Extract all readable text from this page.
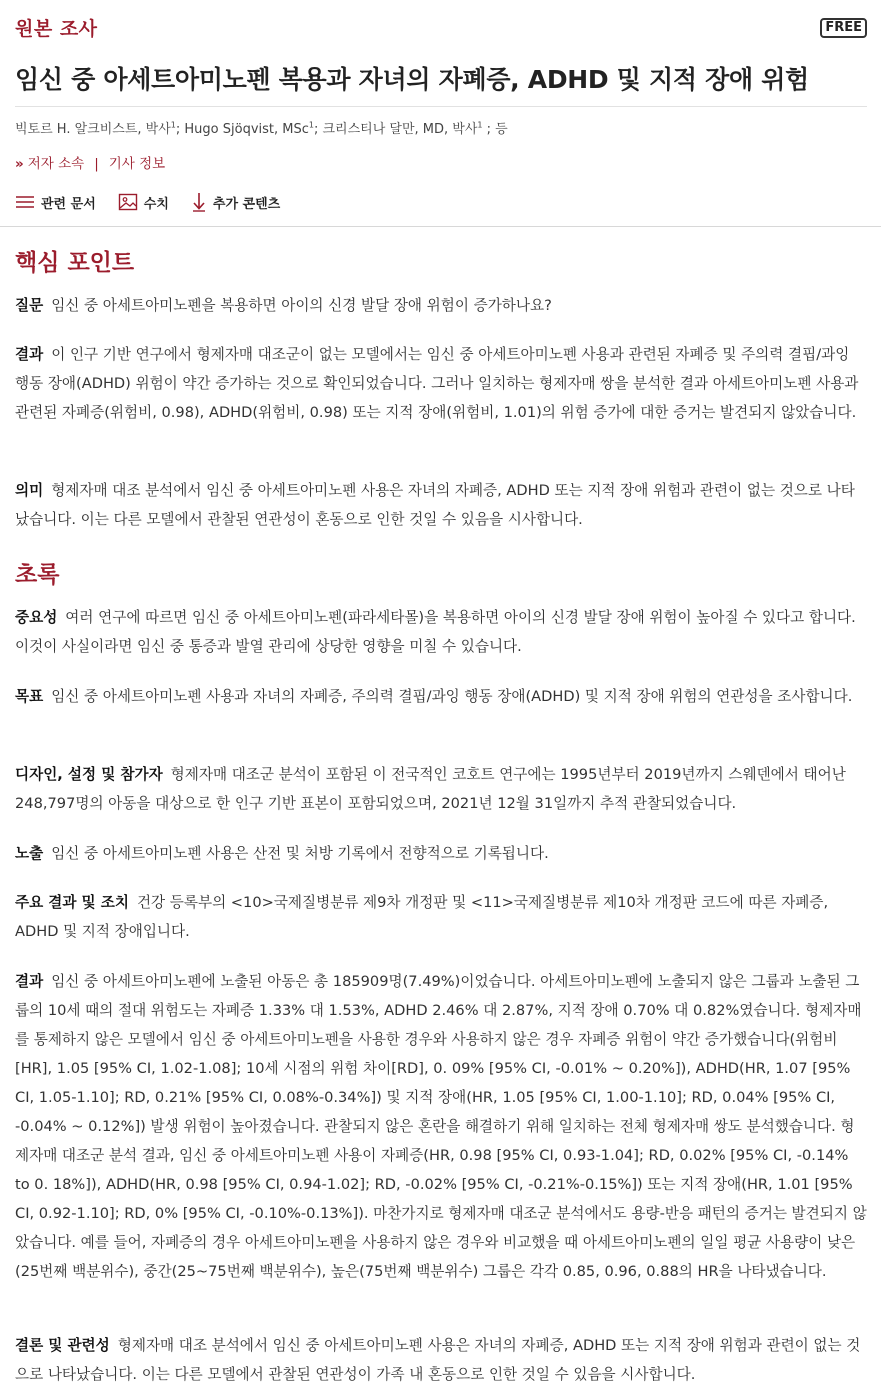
원본 조사	FREE
임신 중 아세트아미노펜 복용과 자녀의 자폐증, ADHD 및 지적 장애 위험
빅토르 H. 알크비스트, 박사$^1$; Hugo Sjöqvist, MSc$^1$; 크리스티나 달만, MD, 박사$^1$ ; 등
» 저자 소속 | 기사 정보
관련 문서	수치	추가 콘텐츠
핵심 포인트

질문 임신 중 아세트아미노펜을 복용하면 아이의 신경 발달 장애 위험이 증가하나요?

결과 이 인구 기반 연구에서 형제자매 대조군이 없는 모델에서는 임신 중 아세트아미노펜 사용과 관련된 자폐증 및 주의력 결핍/과잉 행동 장애(ADHD) 위험이 약간 증가하는 것으로 확인되었습니다. 그러나 일치하는 형제자매 쌍을 분석한 결과 아세트아미노펜 사용과 관련된 자폐증(위험비, 0.98), ADHD(위험비, 0.98) 또는 지적 장애(위험비, 1.01)의 위험 증가에 대한 증거는 발견되지 않았습니다.

의미 형제자매 대조 분석에서 임신 중 아세트아미노펜 사용은 자녀의 자폐증, ADHD 또는 지적 장애 위험과 관련이 없는 것으로 나타났습니다. 이는 다른 모델에서 관찰된 연관성이 혼동으로 인한 것일 수 있음을 시사합니다.

초록

중요성 여러 연구에 따르면 임신 중 아세트아미노펜(파라세타몰)을 복용하면 아이의 신경 발달 장애 위험이 높아질 수 있다고 합니다. 이것이 사실이라면 임신 중 통증과 발열 관리에 상당한 영향을 미칠 수 있습니다.

목표 임신 중 아세트아미노펜 사용과 자녀의 자폐증, 주의력 결핍/과잉 행동 장애(ADHD) 및 지적 장애 위험의 연관성을 조사합니다.

디자인, 설정 및 참가자 형제자매 대조군 분석이 포함된 이 전국적인 코호트 연구에는 1995년부터 2019년까지 스웨덴에서 태어난 248,797명의 아동을 대상으로 한 인구 기반 표본이 포함되었으며, 2021년 12월 31일까지 추적 관찰되었습니다.

노출 임신 중 아세트아미노펜 사용은 산전 및 처방 기록에서 전향적으로 기록됩니다.

주요 결과 및 조치 건강 등록부의 <10>국제질병분류 제9차 개정판 및 <11>국제질병분류 제10차 개정판 코드에 따른 자폐증, ADHD 및 지적 장애입니다.

결과 임신 중 아세트아미노펜에 노출된 아동은 총 185909명(7.49%)이었습니다. 아세트아미노펜에 노출되지 않은 그룹과 노출된 그룹의 10세 때의 절대 위험도는 자폐증 1.33% 대 1.53%, ADHD 2.46% 대 2.87%, 지적 장애 0.70% 대 0.82%였습니다. 형제자매를 통제하지 않은 모델에서 임신 중 아세트아미노펜을 사용한 경우와 사용하지 않은 경우 자폐증 위험이 약간 증가했습니다(위험비[HR], 1.05 [95% CI, 1.02-1.08]; 10세 시점의 위험 차이[RD], 0. 09% [95% CI, -0.01% ~ 0.20%]), ADHD(HR, 1.07 [95% CI, 1.05-1.10]; RD, 0.21% [95% CI, 0.08%-0.34%]) 및 지적 장애(HR, 1.05 [95% CI, 1.00-1.10]; RD, 0.04% [95% CI, -0.04% ~ 0.12%]) 발생 위험이 높아졌습니다. 관찰되지 않은 혼란을 해결하기 위해 일치하는 전체 형제자매 쌍도 분석했습니다. 형제자매 대조군 분석 결과, 임신 중 아세트아미노펜 사용이 자폐증(HR, 0.98 [95% CI, 0.93-1.04]; RD, 0.02% [95% CI, -0.14% to 0. 18%]), ADHD(HR, 0.98 [95% CI, 0.94-1.02]; RD, -0.02% [95% CI, -0.21%-0.15%]) 또는 지적 장애(HR, 1.01 [95% CI, 0.92-1.10]; RD, 0% [95% CI, -0.10%-0.13%]). 마찬가지로 형제자매 대조군 분석에서도 용량-반응 패턴의 증거는 발견되지 않았습니다. 예를 들어, 자폐증의 경우 아세트아미노펜을 사용하지 않은 경우와 비교했을 때 아세트아미노펜의 일일 평균 사용량이 낮은(25번째 백분위수), 중간(25~75번째 백분위수), 높은(75번째 백분위수) 그룹은 각각 0.85, 0.96, 0.88의 HR을 나타냈습니다.

결론 및 관련성 형제자매 대조 분석에서 임신 중 아세트아미노펜 사용은 자녀의 자폐증, ADHD 또는 지적 장애 위험과 관련이 없는 것으로 나타났습니다. 이는 다른 모델에서 관찰된 연관성이 가족 내 혼동으로 인한 것일 수 있음을 시사합니다.
